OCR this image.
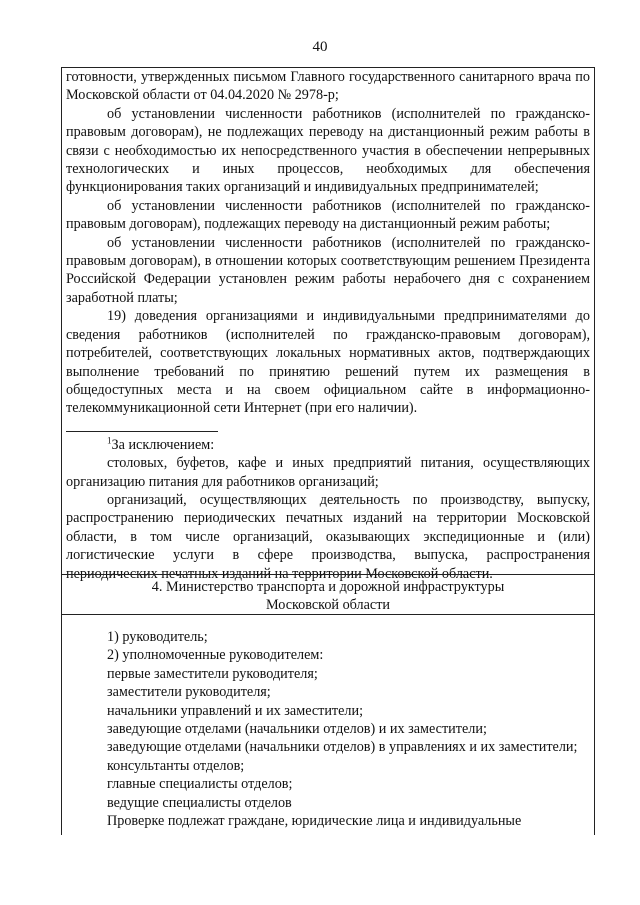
40

готовности, утвержденных письмом Главного государственного санитарного врача по Московской области от 04.04.2020 № 2978-р;

об установлении численности работников (исполнителей по гражданско-правовым договорам), не подлежащих переводу на дистанционный режим работы в связи с необходимостью их непосредственного участия в обеспечении непрерывных технологических и иных процессов, необходимых для обеспечения функционирования таких организаций и индивидуальных предпринимателей;

об установлении численности работников (исполнителей по гражданско-правовым договорам), подлежащих переводу на дистанционный режим работы;

об установлении численности работников (исполнителей по гражданско-правовым договорам), в отношении которых соответствующим решением Президента Российской Федерации установлен режим работы нерабочего дня с сохранением заработной платы;

19) доведения организациями и индивидуальными предпринимателями до сведения работников (исполнителей по гражданско-правовым договорам), потребителей, соответствующих локальных нормативных актов, подтверждающих выполнение требований по принятию решений путем их размещения в общедоступных места и на своем официальном сайте в информационно-телекоммуникационной сети Интернет (при его наличии).

$^1$За исключением:

столовых, буфетов, кафе и иных предприятий питания, осуществляющих организацию питания для работников организаций;

организаций, осуществляющих деятельность по производству, выпуску, распространению периодических печатных изданий на территории Московской области, в том числе организаций, оказывающих экспедиционные и (или) логистические услуги в сфере производства, выпуска, распространения периодических печатных изданий на территории Московской области.

4. Министерство транспорта и дорожной инфраструктуры
Московской области

1) руководитель;

2) уполномоченные руководителем:

первые заместители руководителя;

заместители руководителя;

начальники управлений и их заместители;

заведующие отделами (начальники отделов) и их заместители;

заведующие отделами (начальники отделов) в управлениях и их заместители;

консультанты отделов;

главные специалисты отделов;

ведущие специалисты отделов

Проверке подлежат граждане, юридические лица и индивидуальные
